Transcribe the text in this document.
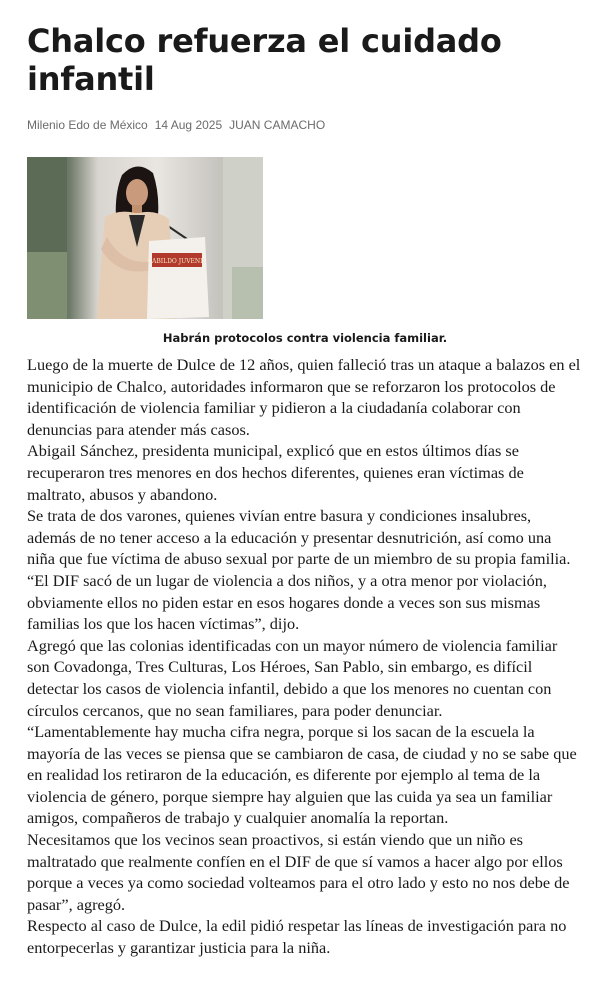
Chalco refuerza el cuidado infantil
Milenio Edo de México 14 Aug 2025 JUAN CAMACHO
CABILDO JUVENIL
Habrán protocolos contra violencia familiar.

Luego de la muerte de Dulce de 12 años, quien falleció tras un ataque a balazos en el municipio de Chalco, autoridades informaron que se reforzaron los protocolos de identificación de violencia familiar y pidieron a la ciudadanía colaborar con denuncias para atender más casos.

Abigail Sánchez, presidenta municipal, explicó que en estos últimos días se recuperaron tres menores en dos hechos diferentes, quienes eran víctimas de maltrato, abusos y abandono.

Se trata de dos varones, quienes vivían entre basura y condiciones insalubres, además de no tener acceso a la educación y presentar desnutrición, así como una niña que fue víctima de abuso sexual por parte de un miembro de su propia familia.

“El DIF sacó de un lugar de violencia a dos niños, y a otra menor por violación, obviamente ellos no piden estar en esos hogares donde a veces son sus mismas familias los que los hacen víctimas”, dijo.

Agregó que las colonias identificadas con un mayor número de violencia familiar son Covadonga, Tres Culturas, Los Héroes, San Pablo, sin embargo, es difícil detectar los casos de violencia infantil, debido a que los menores no cuentan con círculos cercanos, que no sean familiares, para poder denunciar.

“Lamentablemente hay mucha cifra negra, porque si los sacan de la escuela la mayoría de las veces se piensa que se cambiaron de casa, de ciudad y no se sabe que en realidad los retiraron de la educación, es diferente por ejemplo al tema de la violencia de género, porque siempre hay alguien que las cuida ya sea un familiar amigos, compañeros de trabajo y cualquier anomalía la reportan.

Necesitamos que los vecinos sean proactivos, si están viendo que un niño es maltratado que realmente confíen en el DIF de que sí vamos a hacer algo por ellos porque a veces ya como sociedad volteamos para el otro lado y esto no nos debe de pasar”, agregó.

Respecto al caso de Dulce, la edil pidió respetar las líneas de investigación para no entorpecerlas y garantizar justicia para la niña.
